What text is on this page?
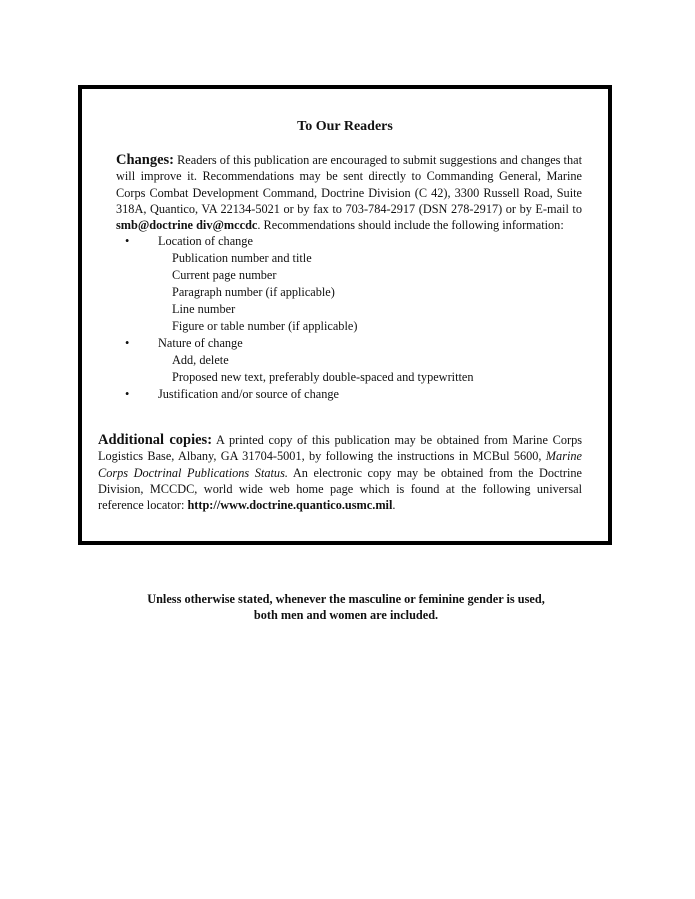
To Our Readers
Changes: Readers of this publication are encouraged to submit suggestions and changes that will improve it. Recommendations may be sent directly to Commanding General, Marine Corps Combat Development Command, Doctrine Division (C 42), 3300 Russell Road, Suite 318A, Quantico, VA 22134-5021 or by fax to 703-784-2917 (DSN 278-2917) or by E-mail to smb@doctrine div@mccdc. Recommendations should include the following information:
• Location of change
Publication number and title
Current page number
Paragraph number (if applicable)
Line number
Figure or table number (if applicable)
• Nature of change
Add, delete
Proposed new text, preferably double-spaced and typewritten
• Justification and/or source of change
Additional copies: A printed copy of this publication may be obtained from Marine Corps Logistics Base, Albany, GA 31704-5001, by following the instructions in MCBul 5600, Marine Corps Doctrinal Publications Status. An electronic copy may be obtained from the Doctrine Division, MCCDC, world wide web home page which is found at the following universal reference locator: http://www.doctrine.quantico.usmc.mil.
Unless otherwise stated, whenever the masculine or feminine gender is used,
both men and women are included.
